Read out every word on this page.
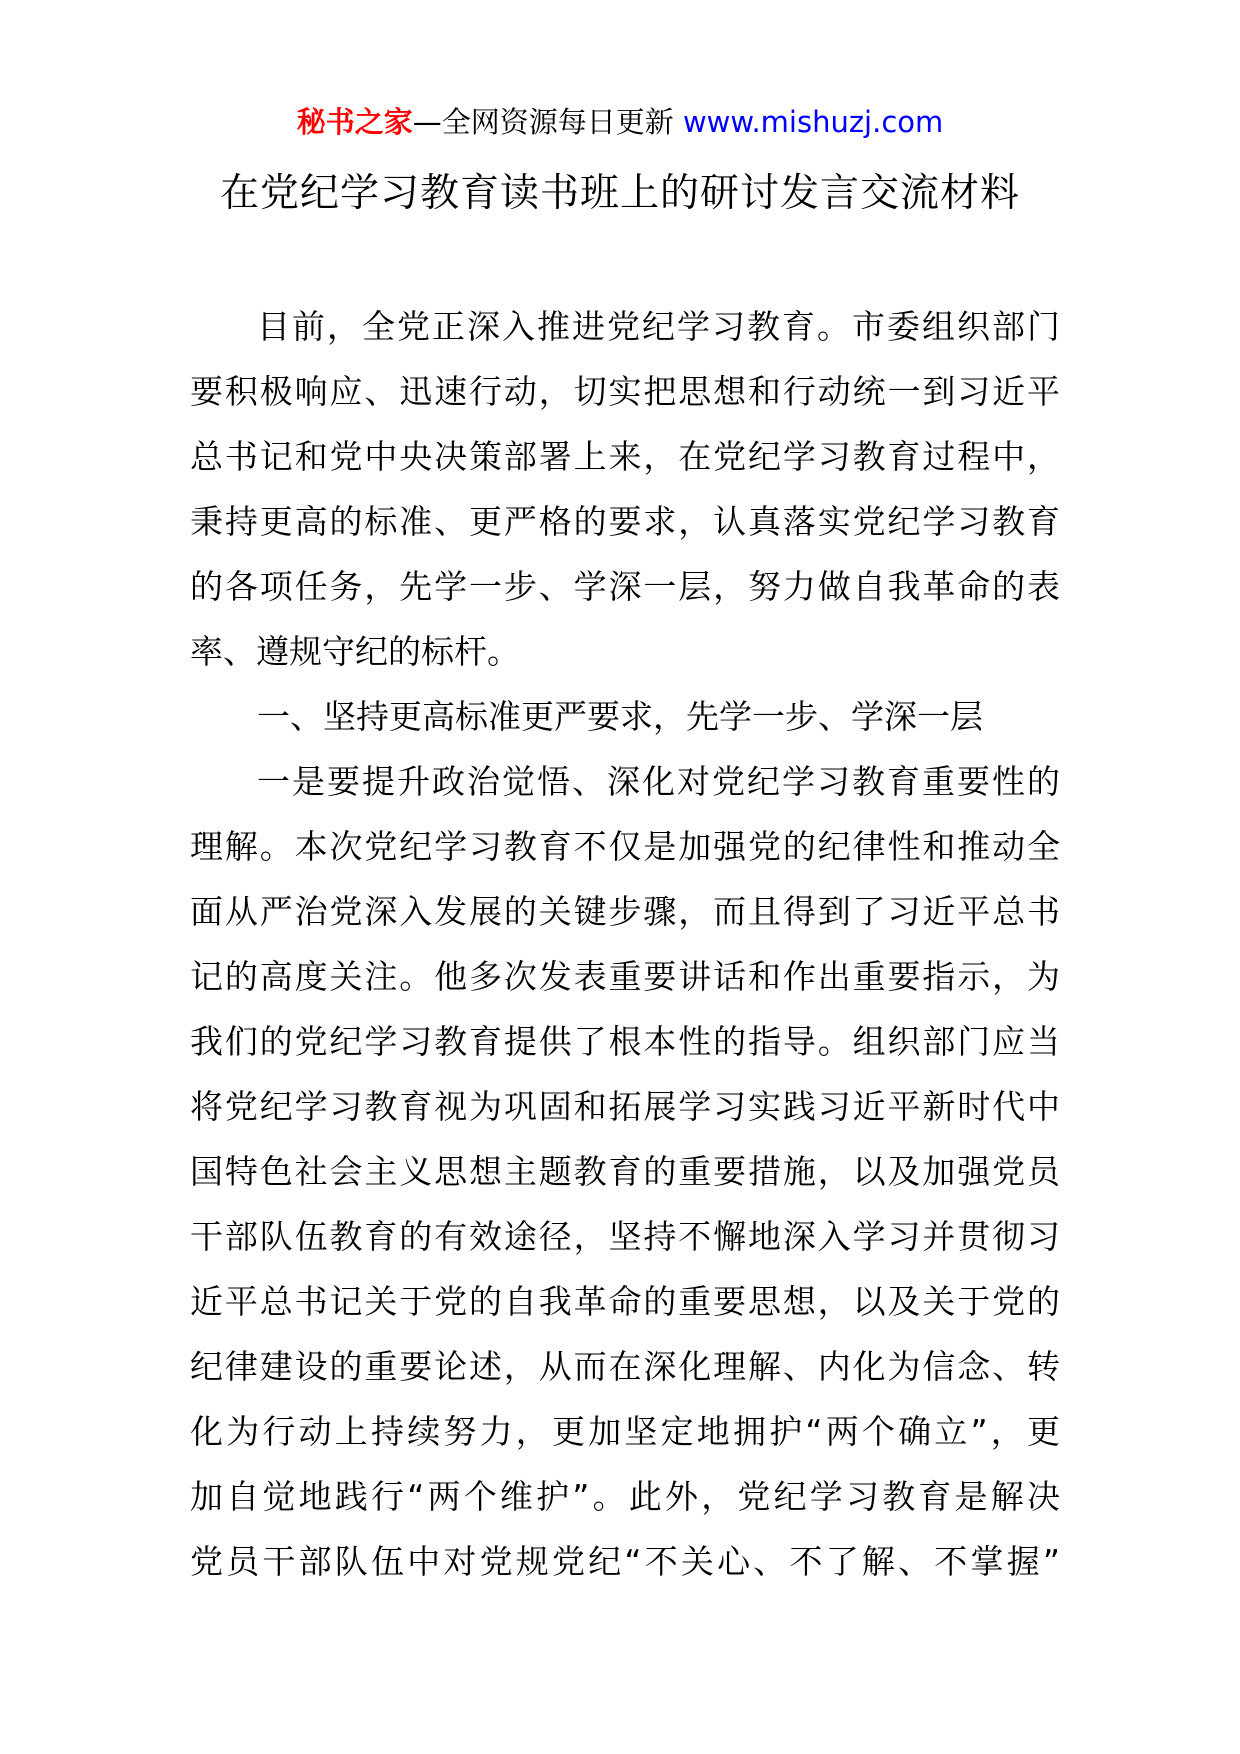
秘书之家—全网资源每日更新 www.mishuzj.com
在党纪学习教育读书班上的研讨发言交流材料
目前，全党正深入推进党纪学习教育。市委组织部门
要积极响应、迅速行动，切实把思想和行动统一到习近平
总书记和党中央决策部署上来，在党纪学习教育过程中，
秉持更高的标准、更严格的要求，认真落实党纪学习教育
的各项任务，先学一步、学深一层，努力做自我革命的表
率、遵规守纪的标杆。
一、坚持更高标准更严要求，先学一步、学深一层
一是要提升政治觉悟、深化对党纪学习教育重要性的
理解。本次党纪学习教育不仅是加强党的纪律性和推动全
面从严治党深入发展的关键步骤，而且得到了习近平总书
记的高度关注。他多次发表重要讲话和作出重要指示，为
我们的党纪学习教育提供了根本性的指导。组织部门应当
将党纪学习教育视为巩固和拓展学习实践习近平新时代中
国特色社会主义思想主题教育的重要措施，以及加强党员
干部队伍教育的有效途径，坚持不懈地深入学习并贯彻习
近平总书记关于党的自我革命的重要思想，以及关于党的
纪律建设的重要论述，从而在深化理解、内化为信念、转
化为行动上持续努力，更加坚定地拥护“两个确立”，更
加自觉地践行“两个维护”。此外，党纪学习教育是解决
党员干部队伍中对党规党纪“不关心、不了解、不掌握”
